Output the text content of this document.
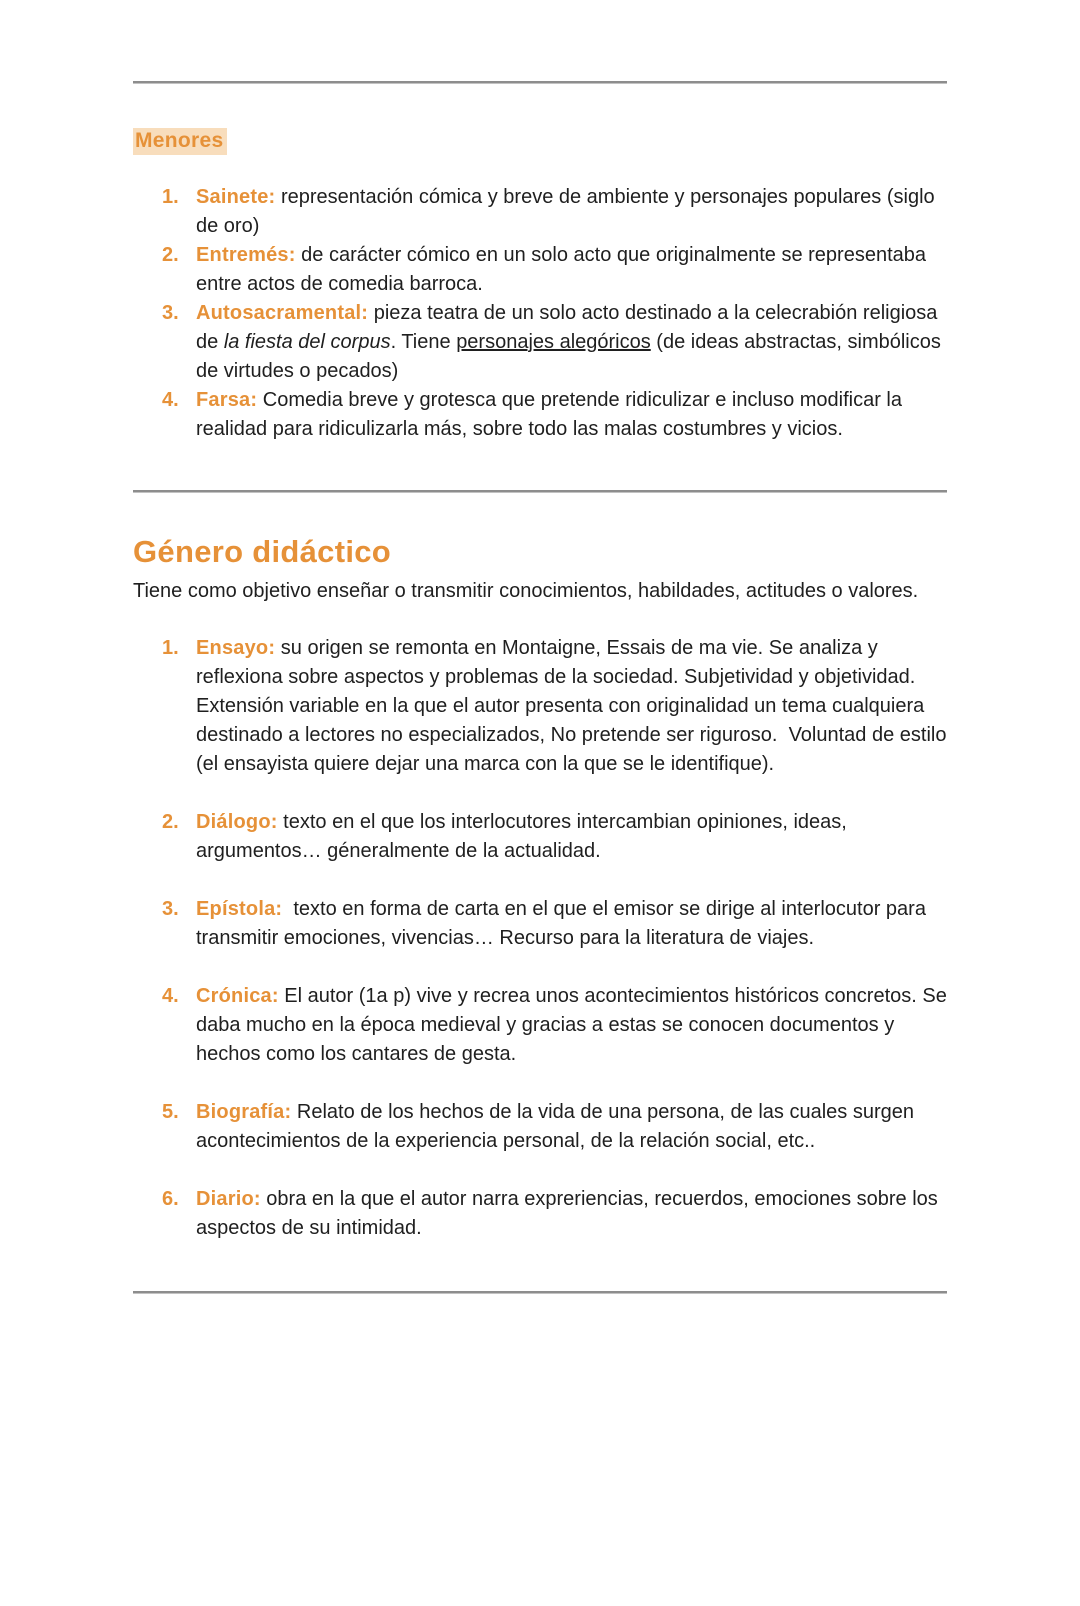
Menores
1. Sainete: representación cómica y breve de ambiente y personajes populares (siglo de oro)
2. Entremés: de carácter cómico en un solo acto que originalmente se representaba entre actos de comedia barroca.
3. Autosacramental: pieza teatra de un solo acto destinado a la celecrabión religiosa de la fiesta del corpus. Tiene personajes alegóricos (de ideas abstractas, simbólicos de virtudes o pecados)
4. Farsa: Comedia breve y grotesca que pretende ridiculizar e incluso modificar la realidad para ridiculizarla más, sobre todo las malas costumbres y vicios.
Género didáctico

Tiene como objetivo enseñar o transmitir conocimientos, habildades, actitudes o valores.

1. Ensayo: su origen se remonta en Montaigne, Essais de ma vie. Se analiza y reflexiona sobre aspectos y problemas de la sociedad. Subjetividad y objetividad. Extensión variable en la que el autor presenta con originalidad un tema cualquiera destinado a lectores no especializados, No pretende ser riguroso.  Voluntad de estilo (el ensayista quiere dejar una marca con la que se le identifique).
2. Diálogo: texto en el que los interlocutores intercambian opiniones, ideas, argumentos… géneralmente de la actualidad.
3. Epístola:  texto en forma de carta en el que el emisor se dirige al interlocutor para transmitir emociones, vivencias… Recurso para la literatura de viajes.
4. Crónica: El autor (1a p) vive y recrea unos acontecimientos históricos concretos. Se daba mucho en la época medieval y gracias a estas se conocen documentos y hechos como los cantares de gesta.
5. Biografía: Relato de los hechos de la vida de una persona, de las cuales surgen acontecimientos de la experiencia personal, de la relación social, etc..
6. Diario: obra en la que el autor narra expreriencias, recuerdos, emociones sobre los aspectos de su intimidad.
